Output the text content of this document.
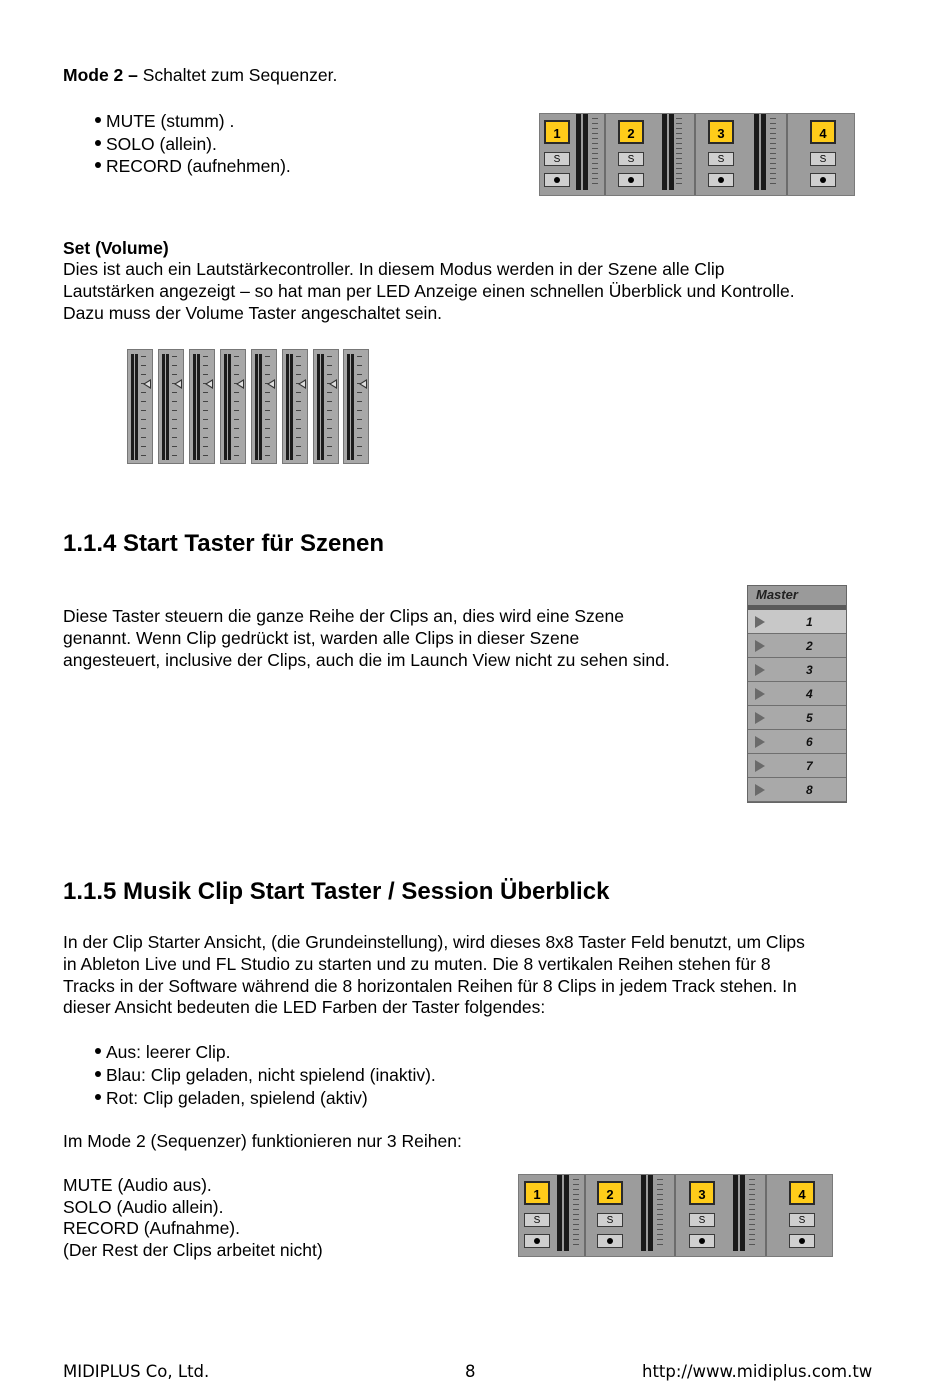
Mode 2 – Schaltet zum Sequenzer.
MUTE (stumm) .
SOLO (allein).
RECORD (aufnehmen).
1
S
2
S
3
S
4
S
Set (Volume)
Dies ist auch ein Lautstärkecontroller. In diesem Modus werden in der Szene alle Clip
Lautstärken angezeigt – so hat man per LED Anzeige einen schnellen Überblick und Kontrolle.
Dazu muss der Volume Taster angeschaltet sein.
1.1.4 Start Taster für Szenen
Diese Taster steuern die ganze Reihe der Clips an, dies wird eine Szene
genannt. Wenn Clip gedrückt ist, warden alle Clips in dieser Szene
angesteuert, inclusive der Clips, auch die im Launch View nicht zu sehen sind.
Master
1
2
3
4
5
6
7
8
1.1.5 Musik Clip Start Taster / Session Überblick
In der Clip Starter Ansicht, (die Grundeinstellung), wird dieses 8x8 Taster Feld benutzt, um Clips
in Ableton Live und FL Studio zu starten und zu muten. Die 8 vertikalen Reihen stehen für 8
Tracks in der Software während die 8 horizontalen Reihen für 8 Clips in jedem Track stehen. In
dieser Ansicht bedeuten die LED Farben der Taster folgendes:
Aus: leerer Clip.
Blau: Clip geladen, nicht spielend (inaktiv).
Rot: Clip geladen, spielend (aktiv)
Im Mode 2 (Sequenzer) funktionieren nur 3 Reihen:
MUTE (Audio aus).
SOLO (Audio allein).
RECORD (Aufnahme).
(Der Rest der Clips arbeitet nicht)
1
S
2
S
3
S
4
S
MIDIPLUS Co, Ltd.	8	http://www.midiplus.com.tw
